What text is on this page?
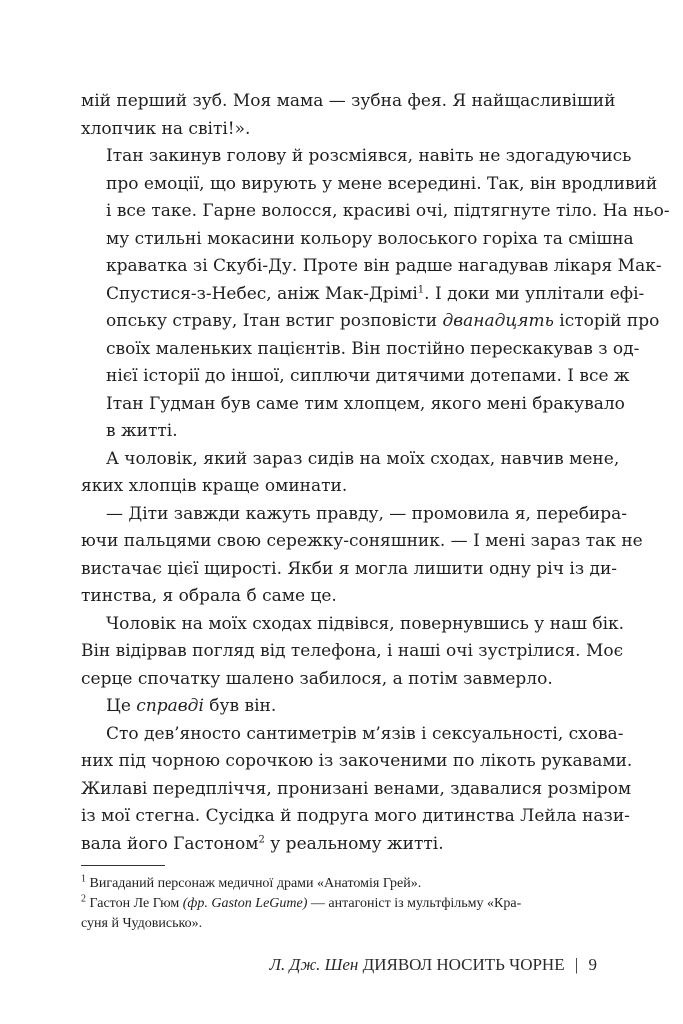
мій перший зуб. Моя мама — зубна фея. Я найщасливіший
хлопчик на світі!».

Ітан закинув голову й розсміявся, навіть не здогадуючись
про емоції, що вирують у мене всередині. Так, він вродливий
і все таке. Гарне волосся, красиві очі, підтягнуте тіло. На ньо-
му стильні мокасини кольору волоського горіха та смішна
краватка зі Скубі-Ду. Проте він радше нагадував лікаря Мак-
Спустися-з-Небес, аніж Мак-Дрімі$^1$. І доки ми уплітали ефі-
опську страву, Ітан встиг розповісти дванадцять історій про
своїх маленьких пацієнтів. Він постійно перескакував з од-
нієї історії до іншої, сиплючи дитячими дотепами. І все ж
Ітан Гудман був саме тим хлопцем, якого мені бракувало
в житті.

А чоловік, який зараз сидів на моїх сходах, навчив мене,
яких хлопців краще оминати.

— Діти завжди кажуть правду, — промовила я, перебира-
ючи пальцями свою сережку-соняшник. — І мені зараз так не
вистачає цієї щирості. Якби я могла лишити одну річ із ди-
тинства, я обрала б саме це.

Чоловік на моїх сходах підвівся, повернувшись у наш бік.
Він відірвав погляд від телефона, і наші очі зустрілися. Моє
серце спочатку шалено забилося, а потім завмерло.

Це справді був він.

Сто дев’яносто сантиметрів м’язів і сексуальності, схова-
них під чорною сорочкою із закоченими по лікоть рукавами.
Жилаві передпліччя, пронизані венами, здавалися розміром
із мої стегна. Сусідка й подруга мого дитинства Лейла нази-
вала його Гастоном$^2$ у реальному житті.

$^1$ Вигаданий персонаж медичної драми «Анатомія Грей».
$^2$ Гастон Ле Гюм (фр. Gaston LeGume) — антагоніст із мультфільму «Кра-
суня й Чудовисько».
Л. Дж. Шен ДИЯВОЛ НОСИТЬ ЧОРНЕ | 9
